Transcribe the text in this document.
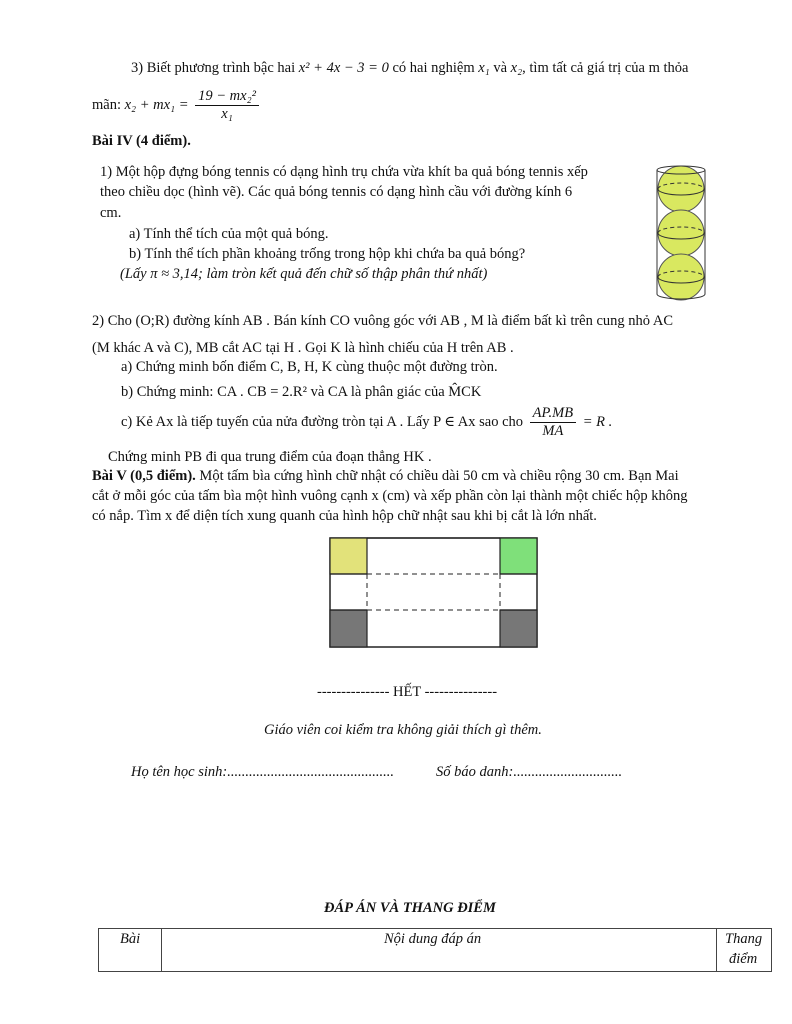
3) Biết phương trình bậc hai x² + 4x − 3 = 0 có hai nghiệm x₁ và x₂, tìm tất cả giá trị của m thỏa
mãn: $x_2 + mx_1 = \frac{\text{19 − mx₂²}}{\text{x₁}}$
Bài IV (4 điểm).
1) Một hộp đựng bóng tennis có dạng hình trụ chứa vừa khít ba quả bóng tennis xếp
theo chiều dọc (hình vẽ). Các quả bóng tennis có dạng hình cầu với đường kính 6
cm.
a) Tính thể tích của một quả bóng.
b) Tính thể tích phần khoảng trống trong hộp khi chứa ba quả bóng?
(Lấy π ≈ 3,14; làm tròn kết quả đến chữ số thập phân thứ nhất)
2) Cho (O;R) đường kính AB . Bán kính CO vuông góc với AB , M là điểm bất kì trên cung nhỏ AC
(M khác A và C), MB cắt AC tại H . Gọi K là hình chiếu của H trên AB .
a) Chứng minh bốn điểm C, B, H, K cùng thuộc một đường tròn.
b) Chứng minh: CA . CB = 2.R² và CA là phân giác của M̂CK
c) Kẻ Ax là tiếp tuyến của nửa đường tròn tại A . Lấy P ∈ Ax sao cho $\frac{AP.MB}{MA} = R$ .
Chứng minh PB đi qua trung điểm của đoạn thẳng HK .
Bài V (0,5 điểm). Một tấm bìa cứng hình chữ nhật có chiều dài 50 cm và chiều rộng 30 cm. Bạn Mai
cắt ở mỗi góc của tấm bìa một hình vuông cạnh x (cm) và xếp phần còn lại thành một chiếc hộp không
có nắp. Tìm x để diện tích xung quanh của hình hộp chữ nhật sau khi bị cắt là lớn nhất.
--------------- HẾT ---------------
Giáo viên coi kiểm tra không giải thích gì thêm.
Họ tên học sinh:..............................................	Số báo danh:..............................
ĐÁP ÁN VÀ THANG ĐIỂM
Bài	Nội dung đáp án	Thang
điểm
